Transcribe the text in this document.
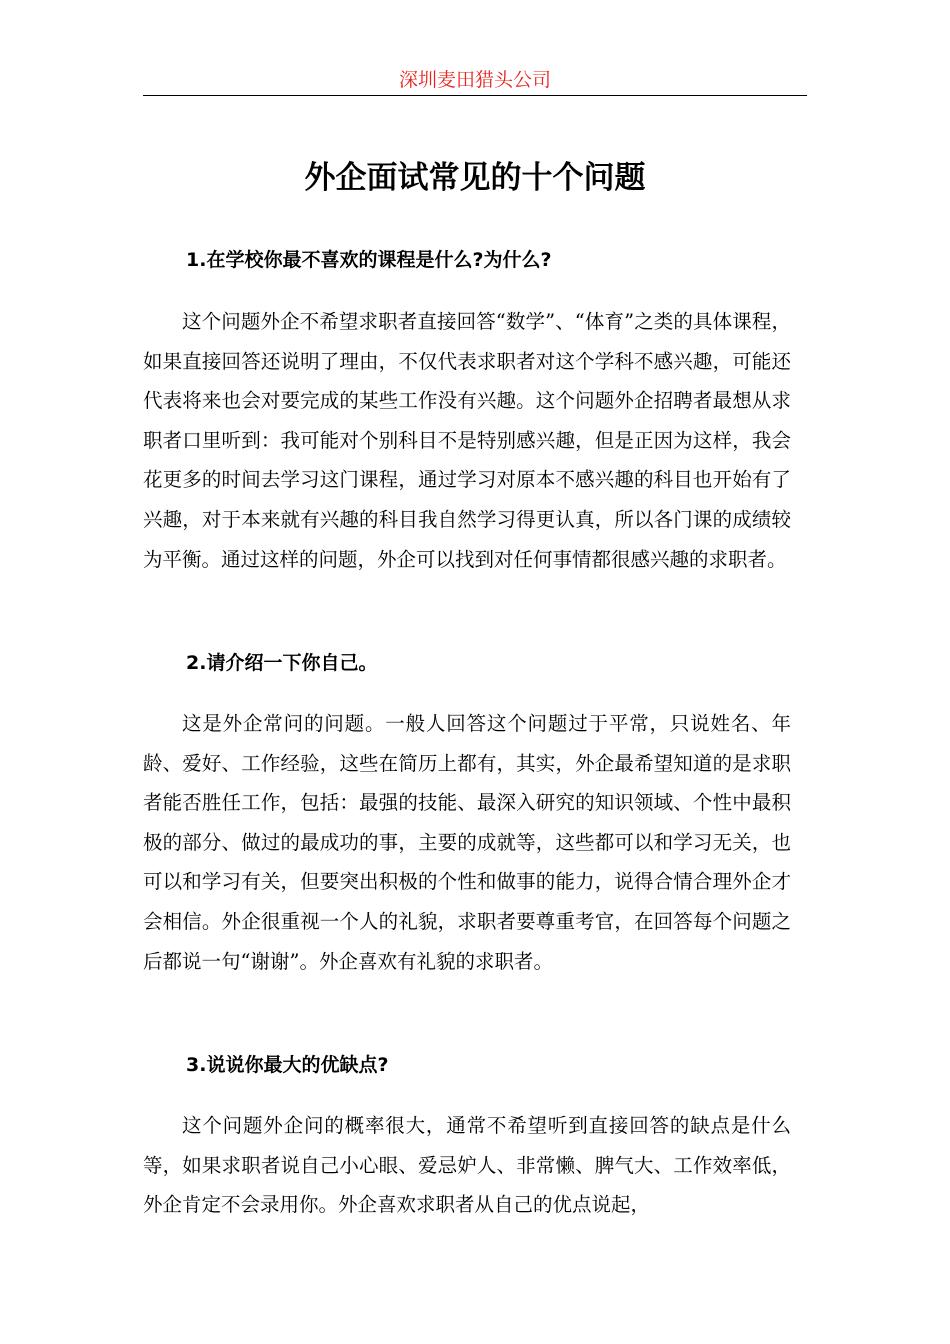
深圳麦田猎头公司
外企面试常见的十个问题
1.在学校你最不喜欢的课程是什么?为什么?

这个问题外企不希望求职者直接回答“数学”、“体育”之类的具体课程，如果直接回答还说明了理由，不仅代表求职者对这个学科不感兴趣，可能还代表将来也会对要完成的某些工作没有兴趣。这个问题外企招聘者最想从求职者口里听到：我可能对个别科目不是特别感兴趣，但是正因为这样，我会花更多的时间去学习这门课程，通过学习对原本不感兴趣的科目也开始有了兴趣，对于本来就有兴趣的科目我自然学习得更认真，所以各门课的成绩较为平衡。通过这样的问题，外企可以找到对任何事情都很感兴趣的求职者。

2.请介绍一下你自己。

这是外企常问的问题。一般人回答这个问题过于平常，只说姓名、年龄、爱好、工作经验，这些在简历上都有，其实，外企最希望知道的是求职者能否胜任工作，包括：最强的技能、最深入研究的知识领域、个性中最积极的部分、做过的最成功的事，主要的成就等，这些都可以和学习无关，也可以和学习有关，但要突出积极的个性和做事的能力，说得合情合理外企才会相信。外企很重视一个人的礼貌，求职者要尊重考官，在回答每个问题之后都说一句“谢谢”。外企喜欢有礼貌的求职者。

3.说说你最大的优缺点?

这个问题外企问的概率很大，通常不希望听到直接回答的缺点是什么等，如果求职者说自己小心眼、爱忌妒人、非常懒、脾气大、工作效率低，外企肯定不会录用你。外企喜欢求职者从自己的优点说起，
